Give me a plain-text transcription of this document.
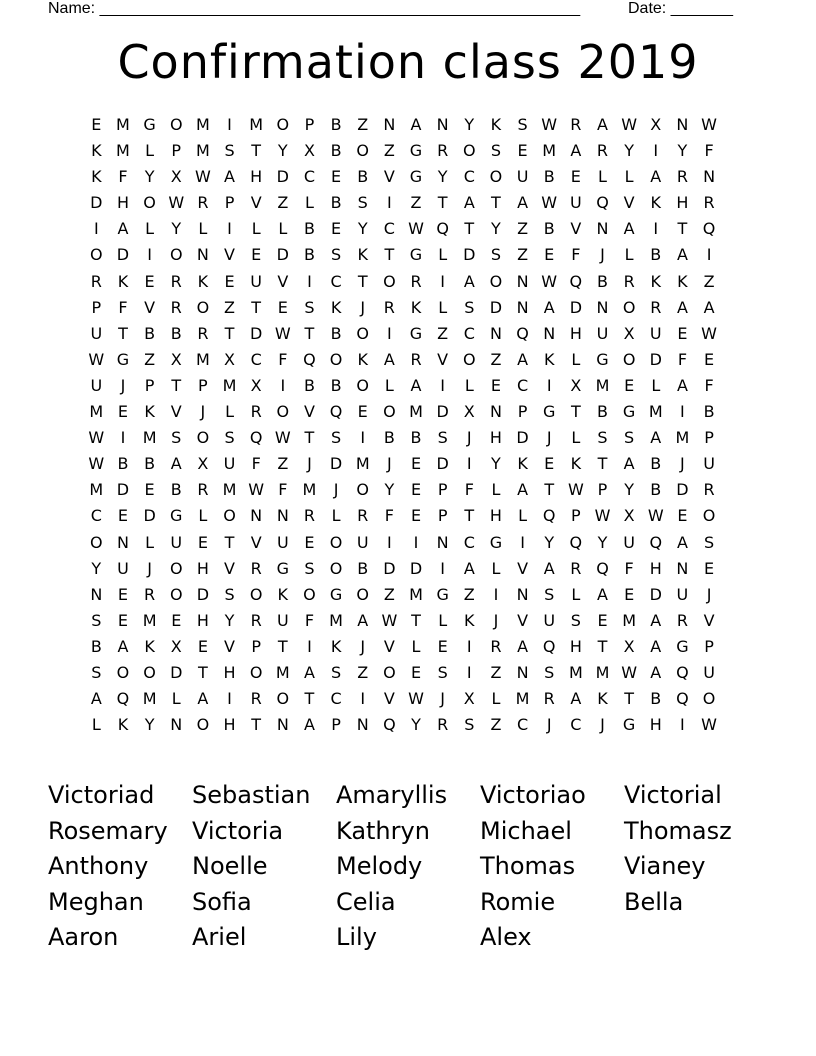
Name: ______________________________________________________	Date: _______
Confirmation class 2019
E M G O M	I	M O P	B Z N A N Y	K	S W R A W X N W
K M L	P M S	T	Y	X B O Z G R O S	E M A R	Y	I	Y	F
K	F	Y	X W A H D C	E	B V G Y	C O U B	E	L	L	A R N
D H O W R	P	V Z	L	B	S	I	Z	T	A	T	A W U Q V K H R
I	A	L	Y	L	I	L	L	B	E	Y	C W Q T	Y	Z B V N A	I	T Q
O D	I	O N V	E D B	S	K	T G L	D S	Z	E	F	J	L	B A	I
R K	E	R K	E U V	I	C	T O R	I	A O N W Q B R K	K Z
P	F	V R O Z	T	E	S	K	J	R K	L	S D N A D N O R A A
U T	B B R	T D W T	B O	I	G Z C N Q N H U X U E W
W G Z X M X C	F Q O K A R V O Z A K	L G O D F	E
U	J	P	T	P M X	I	B B O L	A	I	L	E	C	I	X M E	L	A	F
M E	K V	J	L	R O V Q E O M D X N P G T	B G M	I	B
W	I	M S O S Q W T	S	I	B B	S	J	H D	J	L	S	S	A M P
W B B A X U	F	Z	J	D M	J	E D	I	Y	K	E	K	T	A B	J	U
M D E	B R M W F M	J	O Y	E	P	F	L	A	T W P	Y	B D R
C	E D G L O N N R	L	R	F	E	P	T H	L Q P W X W E O
O N	L	U E	T	V U E O U	I	I	N C G	I	Y Q Y U Q A	S
Y U	J	O H V R G S O B D D	I	A	L	V A R Q F	H N E
N E	R O D S O K O G O Z M G Z	I	N S	L	A	E D U	J
S	E M E H Y	R U	F M A W T	L	K	J	V U S	E M A R V
B A K X	E	V	P	T	I	K	J	V	L	E	I	R A Q H T	X A G P
S O O D T H O M A	S	Z O E	S	I	Z N S M M W A Q U
A Q M L	A	I	R O T	C	I	V W	J	X	L M R A K	T	B Q O
L	K	Y N O H T N A	P N Q Y	R	S	Z C	J	C	J	G H	I	W
Victoriad	Sebastian	Amaryllis	Victoriao	Victorial
Rosemary	Victoria	Kathryn	Michael	Thomasz
Anthony	Noelle	Melody	Thomas	Vianey
Meghan	Sofia	Celia	Romie	Bella
Aaron	Ariel	Lily	Alex
